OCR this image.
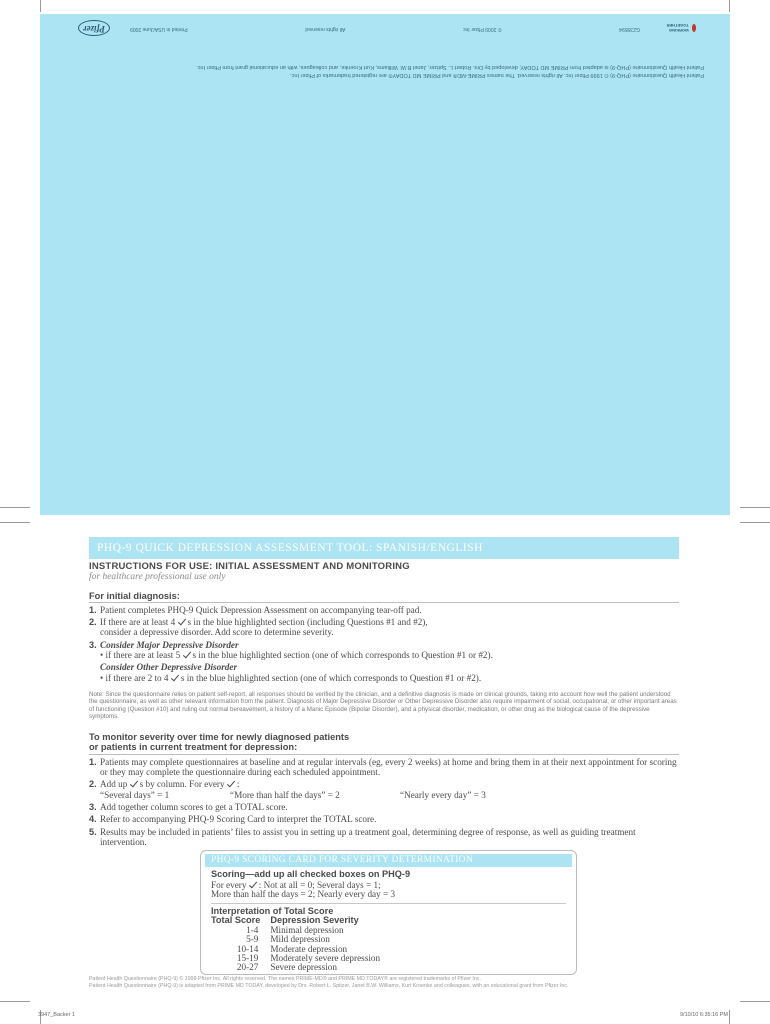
Patient Health Questionnaire (PHQ-9) © 1999 Pfizer Inc. All rights reserved. The names PRIME-MD® and PRIME MD TODAY® are registered trademarks of Pfizer Inc.
Patient Health Questionnaire (PHQ-9) is adapted from PRIME MD TODAY, developed by Drs. Robert L. Spitzer, Janet B.W. Williams, Kurt Kroenke, and colleagues, with an educational grant from Pfizer Inc.
GZ39594
© 2009 Pfizer Inc
All rights reserved
Printed in USA/June 2009
Pfizer	WORKING TOGETHER
PHQ-9 QUICK DEPRESSION ASSESSMENT TOOL: SPANISH/ENGLISH
INSTRUCTIONS FOR USE: INITIAL ASSESSMENT AND MONITORING
for healthcare professional use only
For initial diagnosis:
1. Patient completes PHQ-9 Quick Depression Assessment on accompanying tear-off pad.
2. If there are at least 4 s in the blue highlighted section (including Questions #1 and #2),
consider a depressive disorder. Add score to determine severity.
3. Consider Major Depressive Disorder
• if there are at least 5 s in the blue highlighted section (one of which corresponds to Question #1 or #2).
Consider Other Depressive Disorder
• if there are 2 to 4 s in the blue highlighted section (one of which corresponds to Question #1 or #2).
Note: Since the questionnaire relies on patient self-report, all responses should be verified by the clinician, and a definitive diagnosis is made on clinical grounds, taking into account how well the patient understood the questionnaire, as well as other relevant information from the patient. Diagnosis of Major Depressive Disorder or Other Depressive Disorder also require impairment of social, occupational, or other important areas of functioning (Question #10) and ruling out normal bereavement, a history of a Manic Episode (Bipolar Disorder), and a physical disorder, medication, or other drug as the biological cause of the depressive symptoms.
To monitor severity over time for newly diagnosed patients
or patients in current treatment for depression:
1. Patients may complete questionnaires at baseline and at regular intervals (eg, every 2 weeks) at home and bring them in at their next appointment for scoring or they may complete the questionnaire during each scheduled appointment.
2. Add up s by column. For every :
“Several days” = 1	“More than half the days” = 2	“Nearly every day” = 3
3. Add together column scores to get a TOTAL score.
4. Refer to accompanying PHQ-9 Scoring Card to interpret the TOTAL score.
5. Results may be included in patients’ files to assist you in setting up a treatment goal, determining degree of response, as well as guiding treatment intervention.
PHQ-9 SCORING CARD FOR SEVERITY DETERMINATION
Scoring—add up all checked boxes on PHQ-9
For every : Not at all = 0; Several days = 1;
More than half the days = 2; Nearly every day = 3
Interpretation of Total Score
Total Score	Depression Severity
1-4	Minimal depression
5-9	Mild depression
10-14	Moderate depression
15-19	Moderately severe depression
20-27	Severe depression
Patient Health Questionnaire (PHQ-9) © 1999 Pfizer Inc. All rights reserved. The names PRIME-MD® and PRIME MD TODAY® are registered trademarks of Pfizer Inc.
Patient Health Questionnaire (PHQ-9) is adapted from PRIME MD TODAY, developed by Drs. Robert L. Spitzer, Janet B.W. Williams, Kurt Kroenke and colleagues, with an educational grant from Pfizer Inc.
3947_Backer 1	9/10/10 6:35:16 PM
